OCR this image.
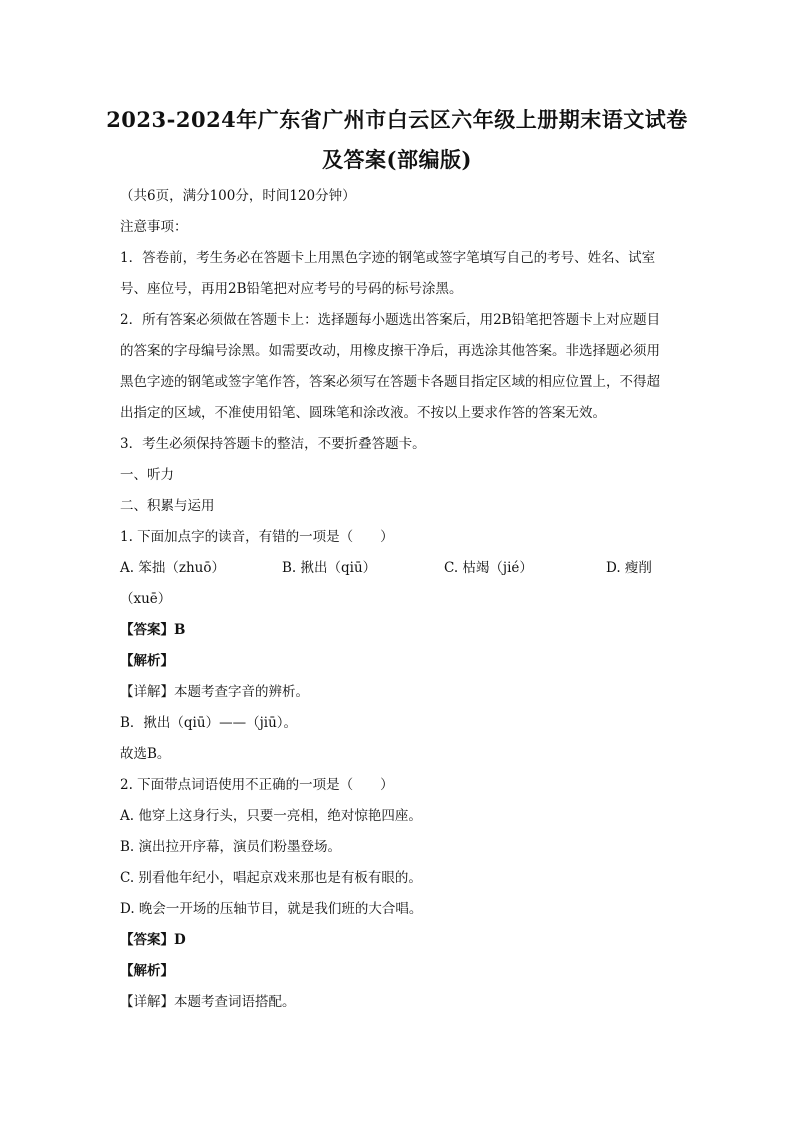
2023-2024年广东省广州市白云区六年级上册期末语文试卷
及答案(部编版)
（共6页，满分100分，时间120分钟）
注意事项：
1．答卷前，考生务必在答题卡上用黑色字迹的钢笔或签字笔填写自己的考号、姓名、试室
号、座位号，再用2B铅笔把对应考号的号码的标号涂黑。
2．所有答案必须做在答题卡上：选择题每小题选出答案后，用2B铅笔把答题卡上对应题目
的答案的字母编号涂黑。如需要改动，用橡皮擦干净后，再选涂其他答案。非选择题必须用
黑色字迹的钢笔或签字笔作答，答案必须写在答题卡各题目指定区域的相应位置上，不得超
出指定的区域，不准使用铅笔、圆珠笔和涂改液。不按以上要求作答的答案无效。
3．考生必须保持答题卡的整洁，不要折叠答题卡。
一、听力
二、积累与运用
1. 下面加点字的读音，有错的一项是（　　）
A. 笨拙（zhuō）	B. 揪出（qiū）	C. 枯竭（jié）	D. 瘦削
（xuē）
【答案】B
【解析】
【详解】本题考查字音的辨析。
B．揪出（qiū）——（jiū）。
故选B。
2. 下面带点词语使用不正确的一项是（　　）
A. 他穿上这身行头，只要一亮相，绝对惊艳四座。
B. 演出拉开序幕，演员们粉墨登场。
C. 别看他年纪小，唱起京戏来那也是有板有眼的。
D. 晚会一开场的压轴节目，就是我们班的大合唱。
【答案】D
【解析】
【详解】本题考查词语搭配。
